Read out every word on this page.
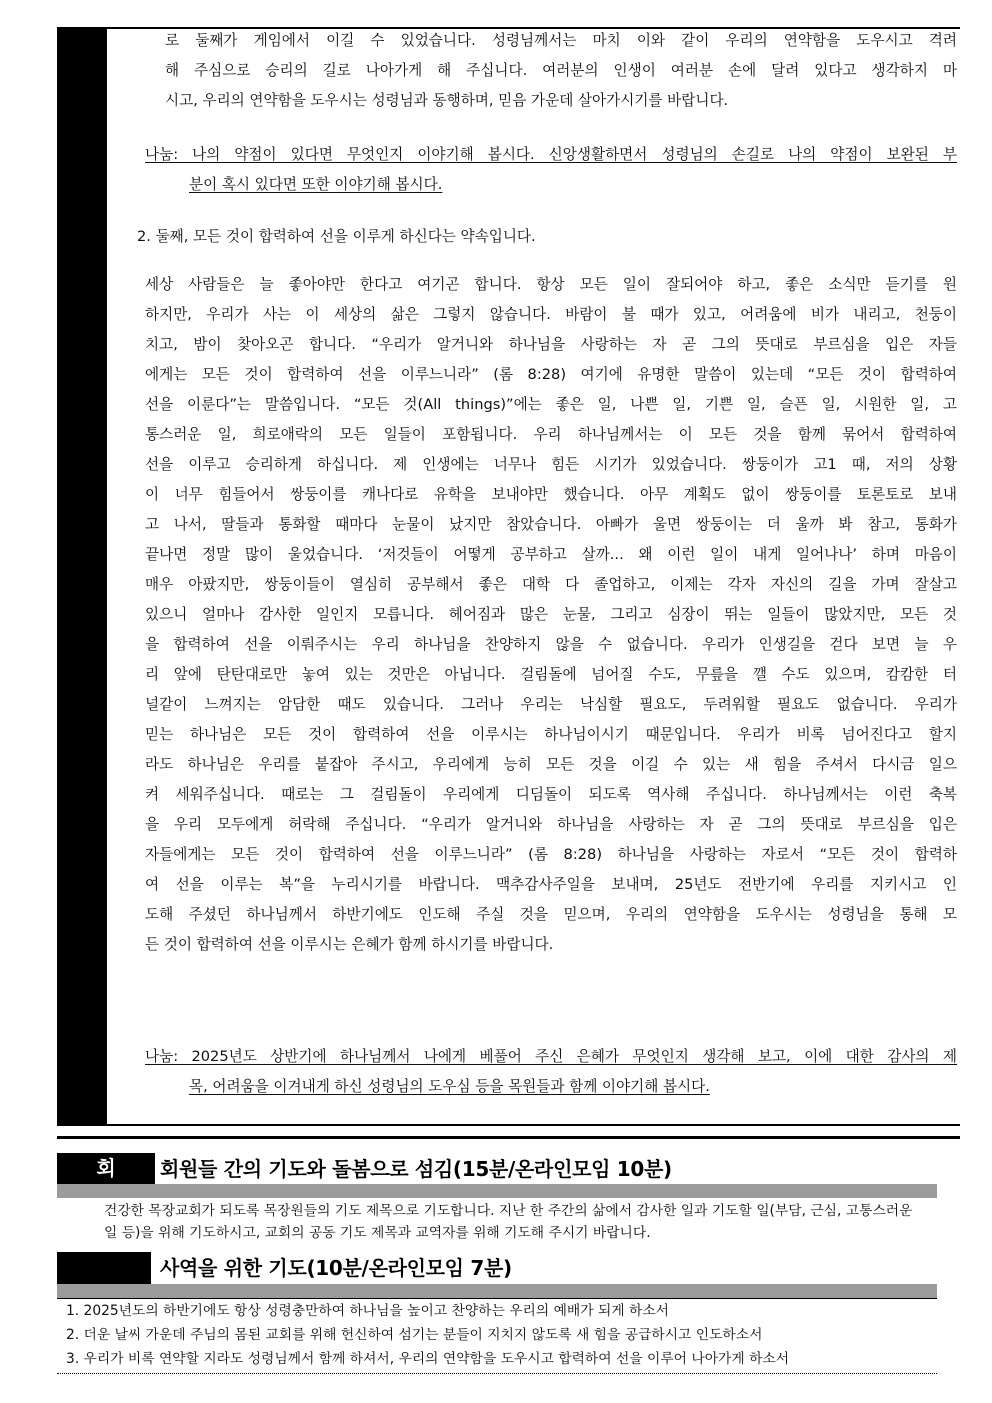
로 둘째가 게임에서 이길 수 있었습니다. 성령님께서는 마치 이와 같이 우리의 연약함을 도우시고 격려
해 주심으로 승리의 길로 나아가게 해 주십니다. 여러분의 인생이 여러분 손에 달려 있다고 생각하지 마
시고, 우리의 연약함을 도우시는 성령님과 동행하며, 믿음 가운데 살아가시기를 바랍니다.
나눔: 나의 약점이 있다면 무엇인지 이야기해 봅시다. 신앙생활하면서 성령님의 손길로 나의 약점이 보완된 부
분이 혹시 있다면 또한 이야기해 봅시다.
2. 둘째, 모든 것이 합력하여 선을 이루게 하신다는 약속입니다.
세상 사람들은 늘 좋아야만 한다고 여기곤 합니다. 항상 모든 일이 잘되어야 하고, 좋은 소식만 듣기를 원
하지만, 우리가 사는 이 세상의 삶은 그렇지 않습니다. 바람이 불 때가 있고, 어려움에 비가 내리고, 천둥이
치고, 밤이 찾아오곤 합니다. “우리가 알거니와 하나님을 사랑하는 자 곧 그의 뜻대로 부르심을 입은 자들
에게는 모든 것이 합력하여 선을 이루느니라” (롬 8:28) 여기에 유명한 말씀이 있는데 “모든 것이 합력하여
선을 이룬다”는 말씀입니다. “모든 것(All things)”에는 좋은 일, 나쁜 일, 기쁜 일, 슬픈 일, 시원한 일, 고
통스러운 일, 희로애락의 모든 일들이 포함됩니다. 우리 하나님께서는 이 모든 것을 함께 묶어서 합력하여
선을 이루고 승리하게 하십니다. 제 인생에는 너무나 힘든 시기가 있었습니다. 쌍둥이가 고1 때, 저의 상황
이 너무 힘들어서 쌍둥이를 캐나다로 유학을 보내야만 했습니다. 아무 계획도 없이 쌍둥이를 토론토로 보내
고 나서, 딸들과 통화할 때마다 눈물이 났지만 참았습니다. 아빠가 울면 쌍둥이는 더 울까 봐 참고, 통화가
끝나면 정말 많이 울었습니다. ‘저것들이 어떻게 공부하고 살까... 왜 이런 일이 내게 일어나나’ 하며 마음이
매우 아팠지만, 쌍둥이들이 열심히 공부해서 좋은 대학 다 졸업하고, 이제는 각자 자신의 길을 가며 잘살고
있으니 얼마나 감사한 일인지 모릅니다. 헤어짐과 많은 눈물, 그리고 심장이 뛰는 일들이 많았지만, 모든 것
을 합력하여 선을 이뤄주시는 우리 하나님을 찬양하지 않을 수 없습니다. 우리가 인생길을 걷다 보면 늘 우
리 앞에 탄탄대로만 놓여 있는 것만은 아닙니다. 걸림돌에 넘어질 수도, 무릎을 깰 수도 있으며, 캄캄한 터
널같이 느껴지는 암담한 때도 있습니다. 그러나 우리는 낙심할 필요도, 두려워할 필요도 없습니다. 우리가
믿는 하나님은 모든 것이 합력하여 선을 이루시는 하나님이시기 때문입니다. 우리가 비록 넘어진다고 할지
라도 하나님은 우리를 붙잡아 주시고, 우리에게 능히 모든 것을 이길 수 있는 새 힘을 주셔서 다시금 일으
켜 세워주십니다. 때로는 그 걸림돌이 우리에게 디딤돌이 되도록 역사해 주십니다. 하나님께서는 이런 축복
을 우리 모두에게 허락해 주십니다. “우리가 알거니와 하나님을 사랑하는 자 곧 그의 뜻대로 부르심을 입은
자들에게는 모든 것이 합력하여 선을 이루느니라” (롬 8:28) 하나님을 사랑하는 자로서 “모든 것이 합력하
여 선을 이루는 복”을 누리시기를 바랍니다. 맥추감사주일을 보내며, 25년도 전반기에 우리를 지키시고 인
도해 주셨던 하나님께서 하반기에도 인도해 주실 것을 믿으며, 우리의 연약함을 도우시는 성령님을 통해 모
든 것이 합력하여 선을 이루시는 은혜가 함께 하시기를 바랍니다.
나눔: 2025년도 상반기에 하나님께서 나에게 베풀어 주신 은혜가 무엇인지 생각해 보고, 이에 대한 감사의 제
목, 어려움을 이겨내게 하신 성령님의 도우심 등을 목원들과 함께 이야기해 봅시다.
회	회원들 간의 기도와 돌봄으로 섬김(15분/온라인모임 10분)
건강한 목장교회가 되도록 목장원들의 기도 제목으로 기도합니다. 지난 한 주간의 삶에서 감사한 일과 기도할 일(부담, 근심, 고통스러운 일 등)을 위해 기도하시고, 교회의 공동 기도 제목과 교역자를 위해 기도해 주시기 바랍니다.
사역을 위한 기도(10분/온라인모임 7분)
1. 2025년도의 하반기에도 항상 성령충만하여 하나님을 높이고 찬양하는 우리의 예배가 되게 하소서
2. 더운 날씨 가운데 주님의 몸된 교회를 위해 헌신하여 섬기는 분들이 지치지 않도록 새 힘을 공급하시고 인도하소서
3. 우리가 비록 연약할 지라도 성령님께서 함께 하셔서, 우리의 연약함을 도우시고 합력하여 선을 이루어 나아가게 하소서
